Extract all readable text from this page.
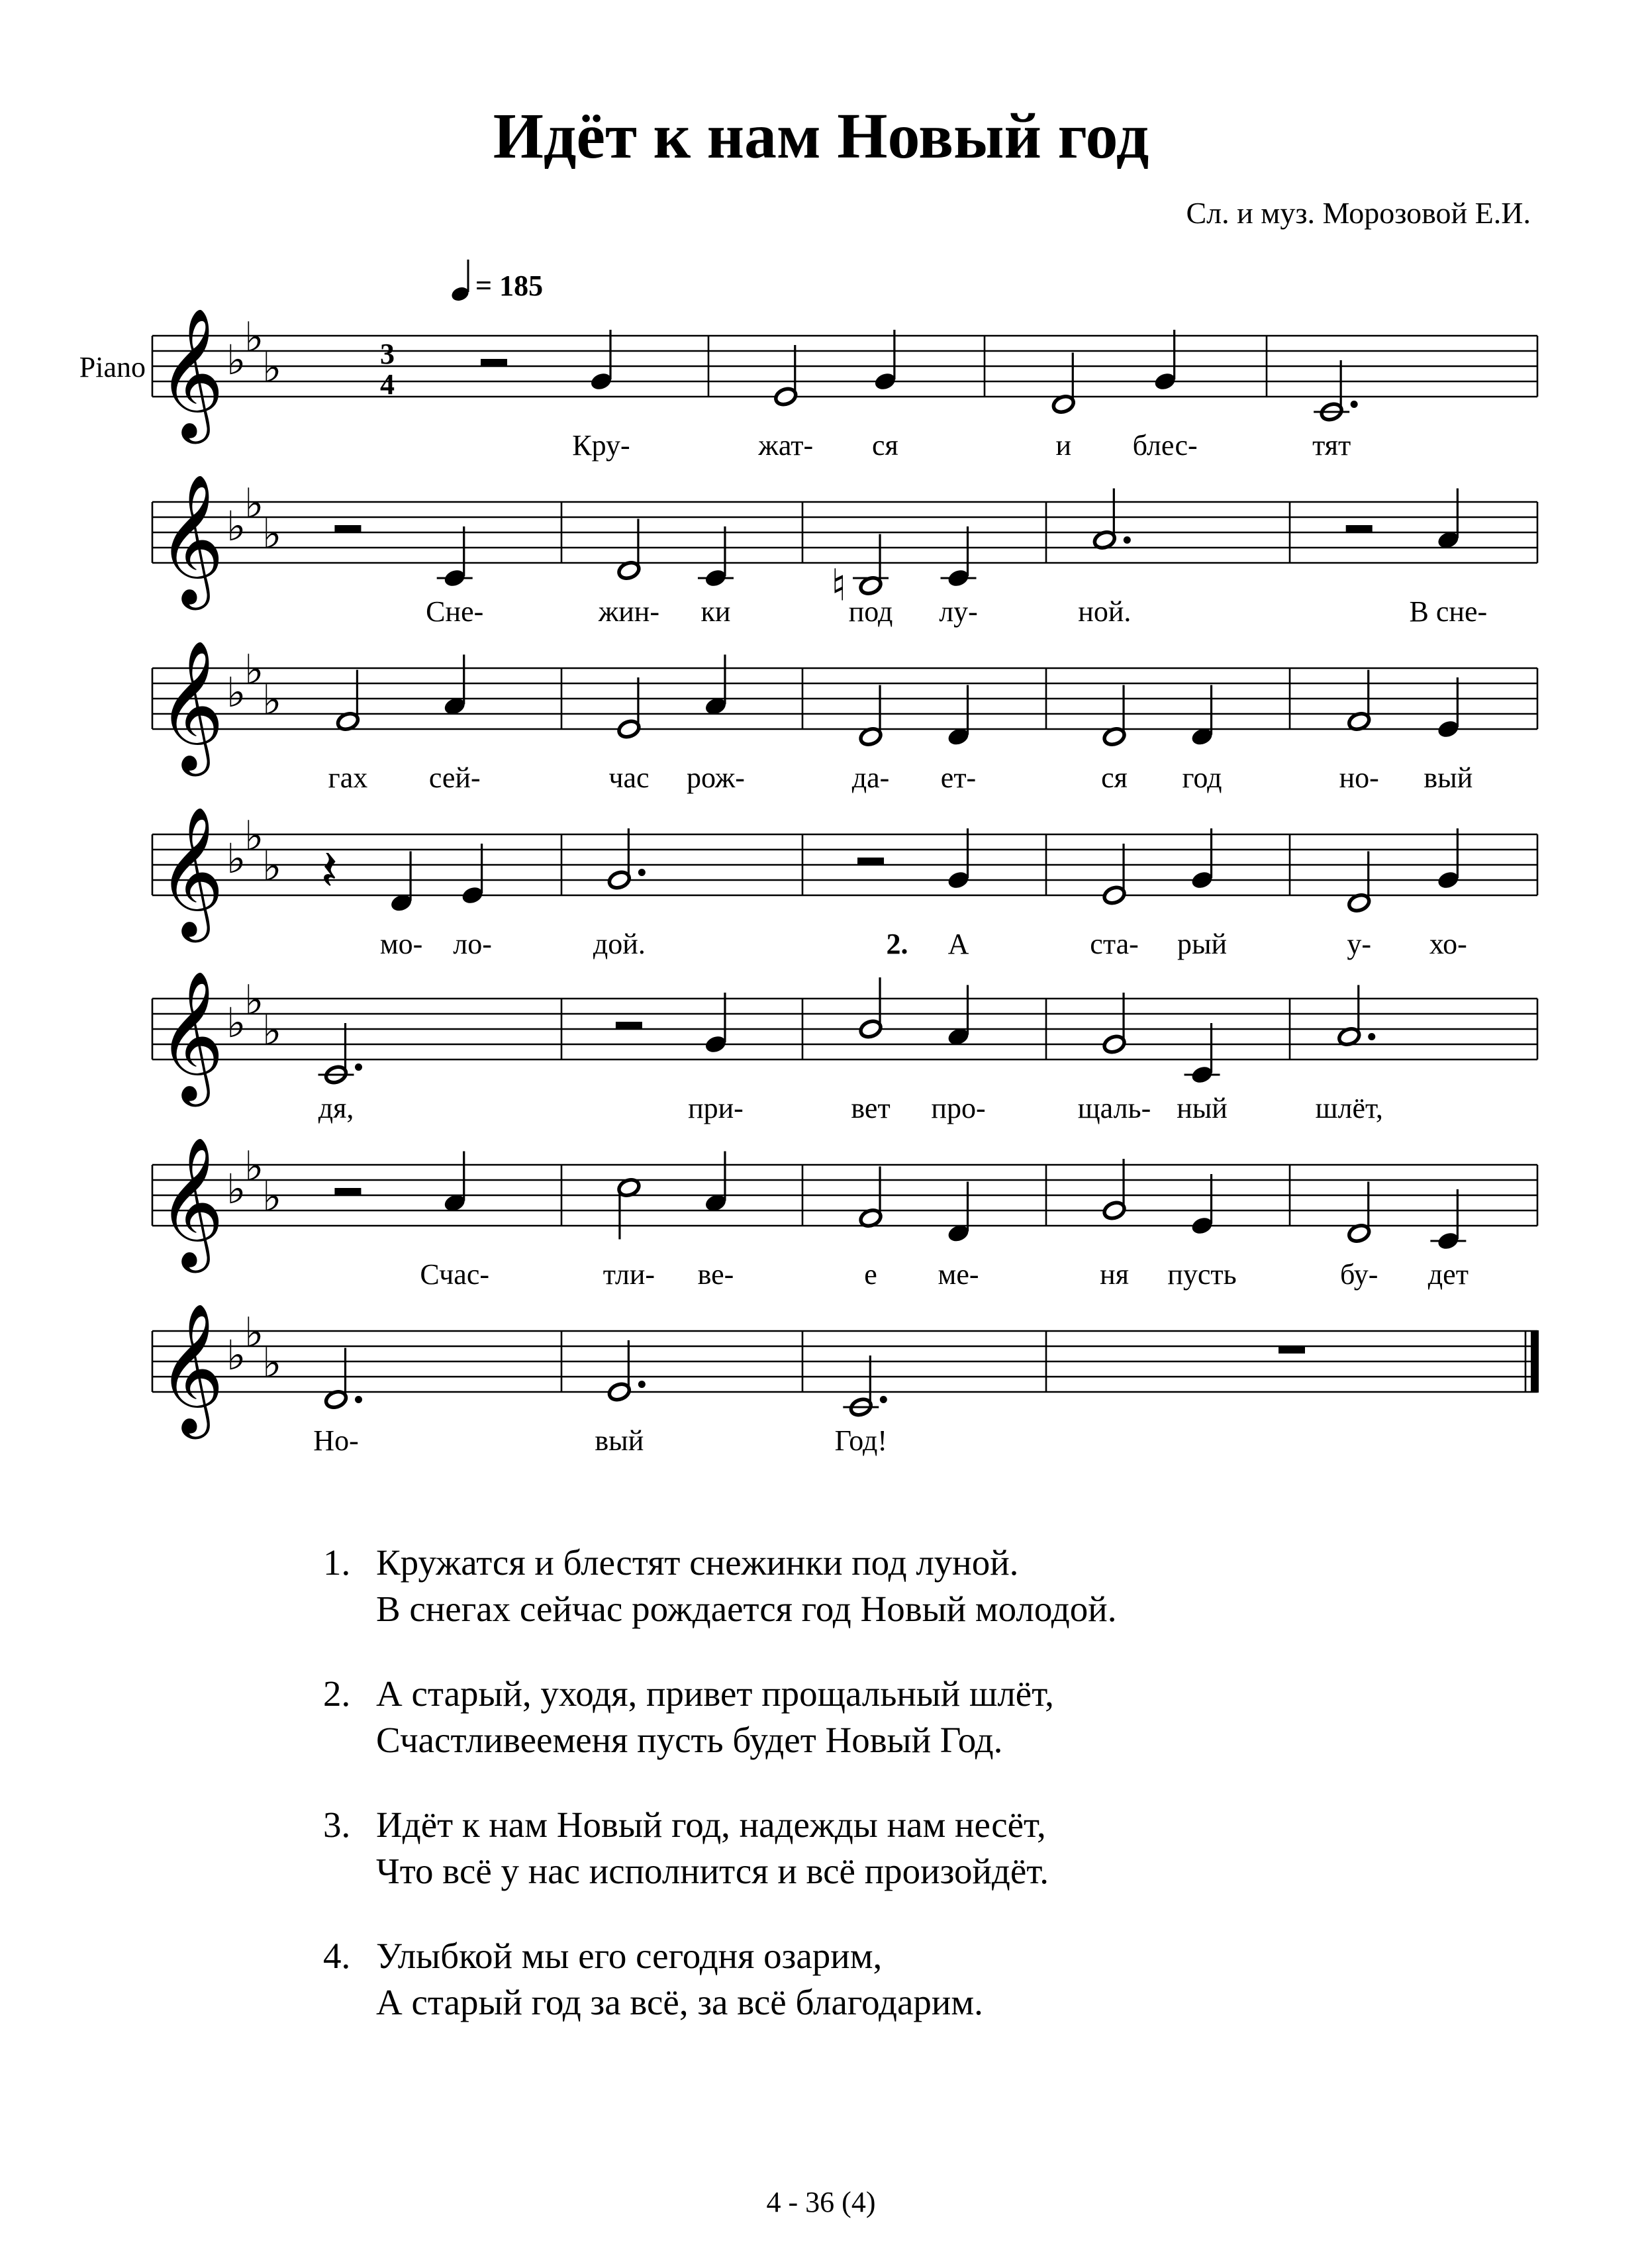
Идёт к нам Новый год
Сл. и муз. Морозовой Е.И.
𝄞 ♭
♭
♭	3
4
Piano
= 185
Кру-	жат- ся	и блес-	тят
𝄞 ♭
♭
♭
♮
Сне-	жин- ки	под лу-	ной.	В сне-
𝄞 ♭
♭
♭
гах сей-	час рож-	да- ет-	ся год	но- вый
𝄞 ♭
♭
♭ 𝄽
мо- ло-	дой.	2. А	ста- рый	у- хо-
𝄞 ♭
♭
♭
дя,	при-	вет про-	щаль- ный	шлёт,
𝄞 ♭
♭
♭
Счас-	тли- ве-	е ме-	ня пусть	бу- дет
𝄞 ♭
♭
♭
Но-	вый	Год!
1. Кружатся и блестят снежинки под луной.
В снегах сейчас рождается год Новый молодой.
2. А старый, уходя, привет прощальный шлёт,
Счастливееменя пусть будет Новый Год.
3. Идёт к нам Новый год, надежды нам несёт,
Что всё у нас исполнится и всё произойдёт.
4. Улыбкой мы его сегодня озарим,
А старый год за всё, за всё благодарим.
4 - 36 (4)
